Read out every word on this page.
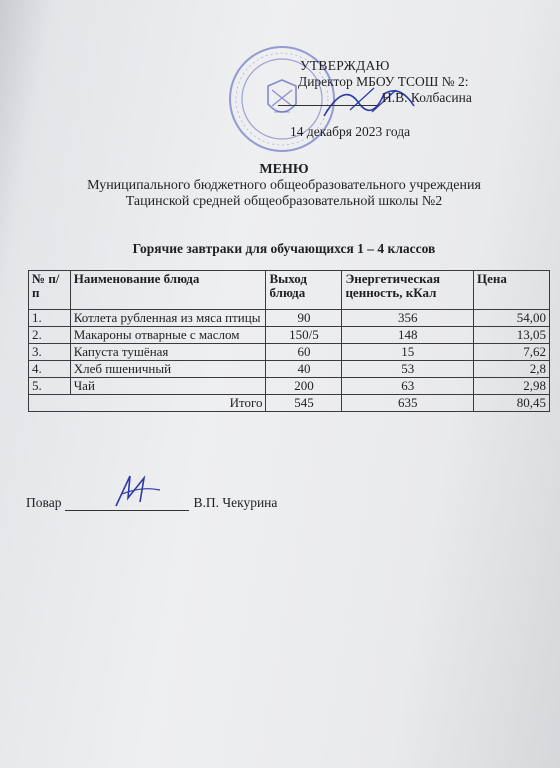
УТВЕРЖДАЮ
Директор МБОУ ТСОШ № 2:
Н.В. Колбасина
14 декабря 2023 года
МЕНЮ
Муниципального бюджетного общеобразовательного учреждения
Тацинской средней общеобразовательной школы №2
Горячие завтраки для обучающихся 1 – 4 классов
№ п/п	Наименование блюда	Выход блюда	Энергетическая ценность, кКал	Цена
1.	Котлета рубленная из мяса птицы	90	356	54,00
2.	Макароны отварные с маслом	150/5	148	13,05
3.	Капуста тушёная	60	15	7,62
4.	Хлеб пшеничный	40	53	2,8
5.	Чай	200	63	2,98
Итого		545	635	80,45
Повар	В.П. Чекурина
